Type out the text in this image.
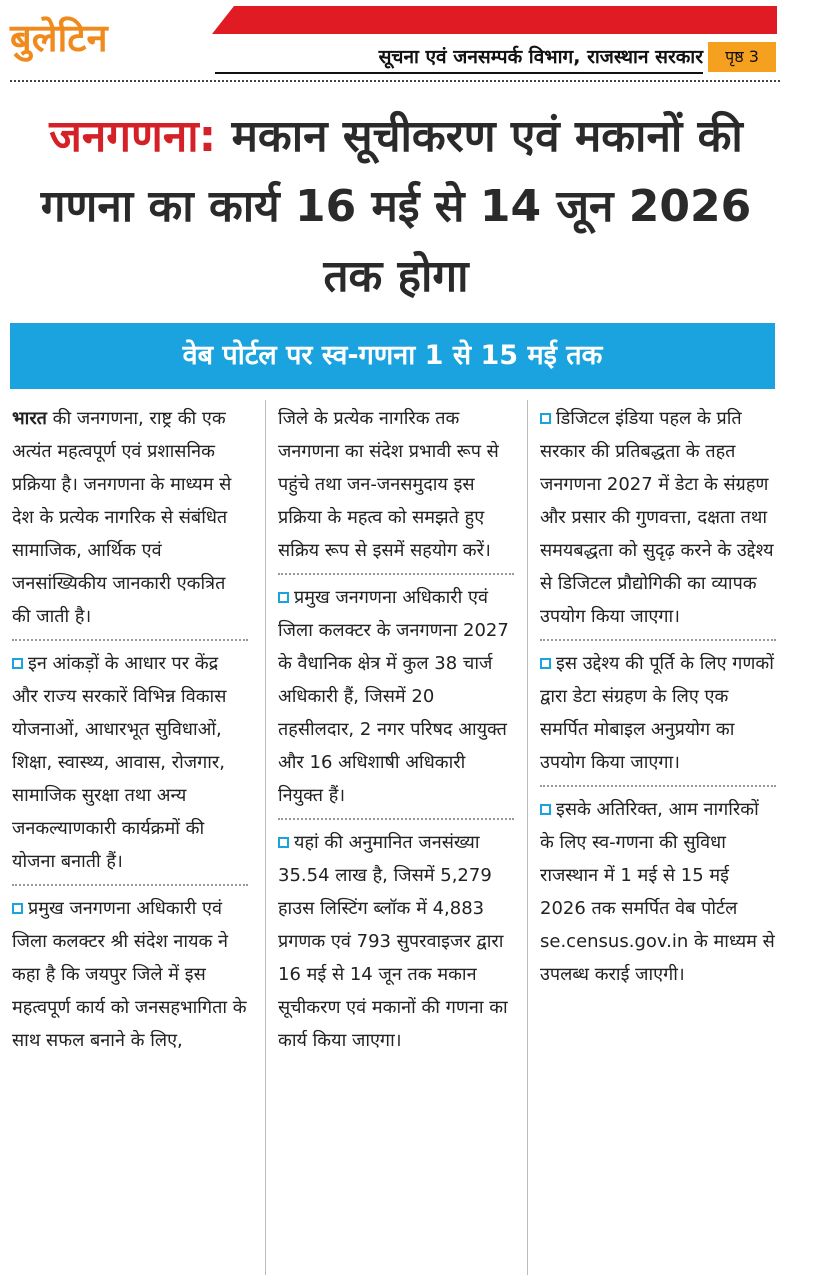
बुलेटिन	सूचना एवं जनसम्पर्क विभाग, राजस्थान सरकार	पृष्ठ 3
जनगणना: मकान सूचीकरण एवं मकानों की गणना का कार्य 16 मई से 14 जून 2026 तक होगा
वेब पोर्टल पर स्व-गणना 1 से 15 मई तक

भारत की जनगणना, राष्ट्र की एक अत्यंत महत्वपूर्ण एवं प्रशासनिक प्रक्रिया है। जनगणना के माध्यम से देश के प्रत्येक नागरिक से संबंधित सामाजिक, आर्थिक एवं जनसांख्यिकीय जानकारी एकत्रित की जाती है।

इन आंकड़ों के आधार पर केंद्र और राज्य सरकारें विभिन्न विकास योजनाओं, आधारभूत सुविधाओं, शिक्षा, स्वास्थ्य, आवास, रोजगार, सामाजिक सुरक्षा तथा अन्य जनकल्याणकारी कार्यक्रमों की योजना बनाती हैं।

प्रमुख जनगणना अधिकारी एवं जिला कलक्टर श्री संदेश नायक ने कहा है कि जयपुर जिले में इस महत्वपूर्ण कार्य को जनसहभागिता के साथ सफल बनाने के लिए,

जिले के प्रत्येक नागरिक तक जनगणना का संदेश प्रभावी रूप से पहुंचे तथा जन-जनसमुदाय इस प्रक्रिया के महत्व को समझते हुए सक्रिय रूप से इसमें सहयोग करें।

प्रमुख जनगणना अधिकारी एवं जिला कलक्टर के जनगणना 2027 के वैधानिक क्षेत्र में कुल 38 चार्ज अधिकारी हैं, जिसमें 20 तहसीलदार, 2 नगर परिषद आयुक्त और 16 अधिशाषी अधिकारी नियुक्त हैं।

यहां की अनुमानित जनसंख्या 35.54 लाख है, जिसमें 5,279 हाउस लिस्टिंग ब्लॉक में 4,883 प्रगणक एवं 793 सुपरवाइजर द्वारा 16 मई से 14 जून तक मकान सूचीकरण एवं मकानों की गणना का कार्य किया जाएगा।

डिजिटल इंडिया पहल के प्रति सरकार की प्रतिबद्धता के तहत जनगणना 2027 में डेटा के संग्रहण और प्रसार की गुणवत्ता, दक्षता तथा समयबद्धता को सुदृढ़ करने के उद्देश्य से डिजिटल प्रौद्योगिकी का व्यापक उपयोग किया जाएगा।

इस उद्देश्य की पूर्ति के लिए गणकों द्वारा डेटा संग्रहण के लिए एक समर्पित मोबाइल अनुप्रयोग का उपयोग किया जाएगा।

इसके अतिरिक्त, आम नागरिकों के लिए स्व-गणना की सुविधा राजस्थान में 1 मई से 15 मई 2026 तक समर्पित वेब पोर्टल se.census.gov.in के माध्यम से उपलब्ध कराई जाएगी।
